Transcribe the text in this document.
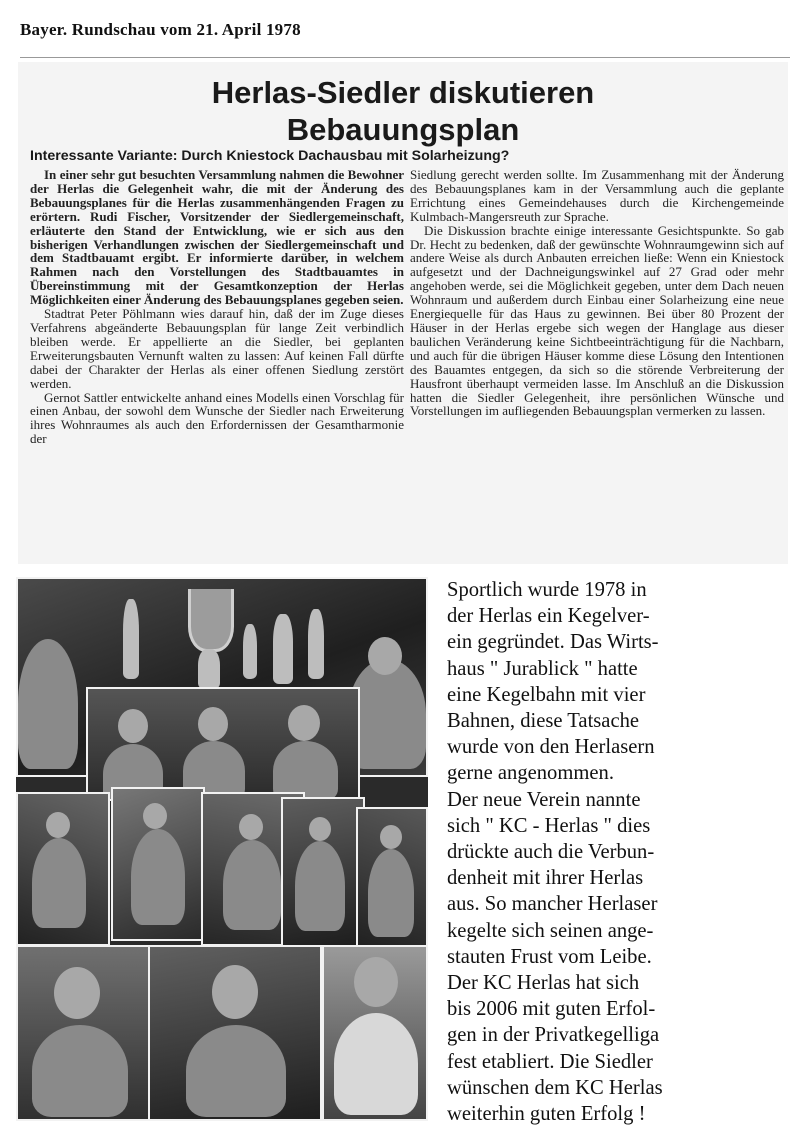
Bayer. Rundschau vom 21. April 1978
Herlas-Siedler diskutieren
Bebauungsplan
Interessante Variante: Durch Kniestock Dachausbau mit Solarheizung?

In einer sehr gut besuchten Versammlung nahmen die Bewohner der Herlas die Gelegenheit wahr, die mit der Änderung des Bebauungsplanes für die Herlas zusammenhängenden Fragen zu erörtern. Rudi Fischer, Vorsitzender der Siedlergemeinschaft, erläuterte den Stand der Entwicklung, wie er sich aus den bisherigen Verhandlungen zwischen der Siedlergemeinschaft und dem Stadtbauamt ergibt. Er informierte darüber, in welchem Rahmen nach den Vorstellungen des Stadtbauamtes in Übereinstimmung mit der Gesamtkonzeption der Herlas Möglichkeiten einer Änderung des Bebauungsplanes gegeben seien.

Stadtrat Peter Pöhlmann wies darauf hin, daß der im Zuge dieses Verfahrens abgeänderte Bebauungsplan für lange Zeit verbindlich bleiben werde. Er appellierte an die Siedler, bei geplanten Erweiterungsbauten Vernunft walten zu lassen: Auf keinen Fall dürfte dabei der Charakter der Herlas als einer offenen Siedlung zerstört werden.

Gernot Sattler entwickelte anhand eines Modells einen Vorschlag für einen Anbau, der sowohl dem Wunsche der Siedler nach Erweiterung ihres Wohnraumes als auch den Erfordernissen der Gesamtharmonie der

Siedlung gerecht werden sollte. Im Zusammenhang mit der Änderung des Bebauungsplanes kam in der Versammlung auch die geplante Errichtung eines Gemeindehauses durch die Kirchengemeinde Kulmbach-Mangersreuth zur Sprache.

Die Diskussion brachte einige interessante Gesichtspunkte. So gab Dr. Hecht zu bedenken, daß der gewünschte Wohnraumgewinn sich auf andere Weise als durch Anbauten erreichen ließe: Wenn ein Kniestock aufgesetzt und der Dachneigungswinkel auf 27 Grad oder mehr angehoben werde, sei die Möglichkeit gegeben, unter dem Dach neuen Wohnraum und außerdem durch Einbau einer Solarheizung eine neue Energiequelle für das Haus zu gewinnen. Bei über 80 Prozent der Häuser in der Herlas ergebe sich wegen der Hanglage aus dieser baulichen Veränderung keine Sichtbeeinträchtigung für die Nachbarn, und auch für die übrigen Häuser komme diese Lösung den Intentionen des Bauamtes entgegen, da sich so die störende Verbreiterung der Hausfront überhaupt vermeiden lasse. Im Anschluß an die Diskussion hatten die Siedler Gelegenheit, ihre persönlichen Wünsche und Vorstellungen im aufliegenden Bebauungsplan vermerken zu lassen.

Sportlich wurde 1978 in
der Herlas ein Kegelver-
ein gegründet. Das Wirts-
haus " Jurablick " hatte
eine Kegelbahn mit vier
Bahnen, diese Tatsache
wurde von den Herlasern
gerne angenommen.
Der neue Verein nannte
sich " KC - Herlas " dies
drückte auch die Verbun-
denheit mit ihrer Herlas
aus. So mancher Herlaser
kegelte sich seinen ange-
stauten Frust vom Leibe.
Der KC Herlas hat sich
bis 2006 mit guten Erfol-
gen in der Privatkegelliga
fest etabliert. Die Siedler
wünschen dem KC Herlas
weiterhin guten Erfolg !
